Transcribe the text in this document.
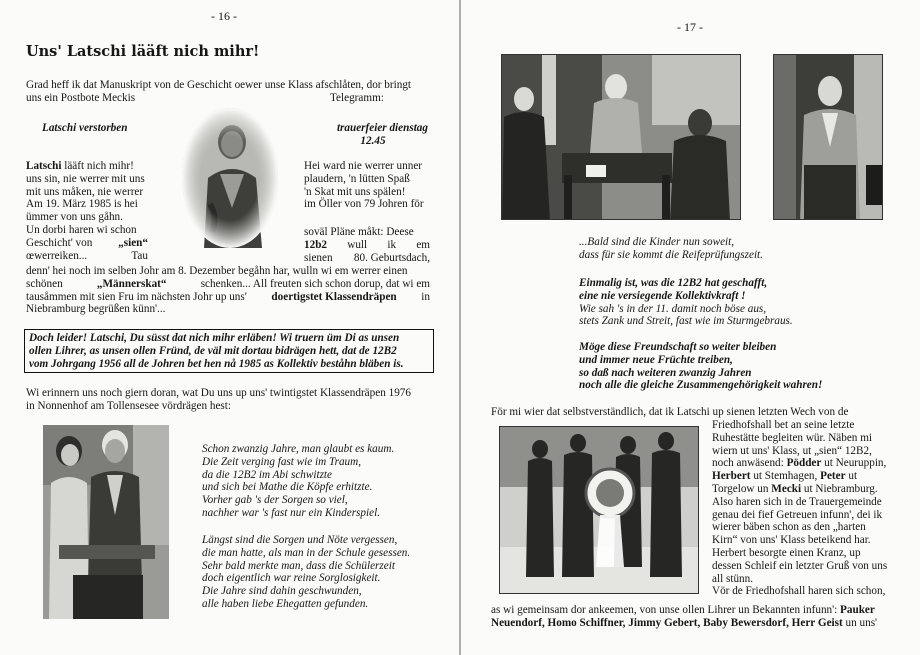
- 16 -
Uns' Latschi lääft nich mihr!
Grad heff ik dat Manuskript von de Geschicht oewer unse Klass afschlåten, dor bringt
uns ein Postbote Meckis	Telegramm:
Latschi verstorben	trauerfeier dienstag
12.45
Latschi lääft nich mihr!
uns sin, nie werrer mit uns
mit uns måken, nie werrer
Am 19. März 1985 is hei
ümmer von uns gåhn.
Un dorbi haren wi schon
Geschicht' von „sien“
œwerreiken...	Tau
Hei ward nie werrer unner
plaudern, 'n lütten Spaß
'n Skat mit uns spälen!
im Öller von 79 Johren för
soväl Pläne måkt: Deese
12b2 wull ik em
sienen 80. Geburtsdach,
denn' hei noch im selben Johr am 8. Dezember begåhn har, wulln wi em werrer einen
schönen	„Männerskat“	schenken... All freuten sich schon dorup, dat wi em
tausåmmen mit sien Fru im nächsten Johr up uns' doertigstet Klassendräpen in
Niebramburg begrüßen künn'...
Doch leider! Latschi, Du süsst dat nich mihr erläben! Wi truern üm Di as unsen
ollen Lihrer, as unsen ollen Fründ, de väl mit dortau bidrägen hett, dat de 12B2
vom Johrgang 1956 all de Johren bet hen nå 1985 as Kollektiv beståhn bläben is.
Wi erinnern uns noch giern doran, wat Du uns up uns' twintigstet Klassendräpen 1976
in Nonnenhof am Tollensesee vördrägen hest:
Schon zwanzig Jahre, man glaubt es kaum.
Die Zeit verging fast wie im Traum,
da die 12B2 im Abi schwitzte
und sich bei Mathe die Köpfe erhitzte.
Vorher gab 's der Sorgen so viel,
nachher war 's fast nur ein Kinderspiel.
Längst sind die Sorgen und Nöte vergessen,
die man hatte, als man in der Schule gesessen.
Sehr bald merkte man, dass die Schülerzeit
doch eigentlich war reine Sorglosigkeit.
Die Jahre sind dahin geschwunden,
alle haben liebe Ehegatten gefunden.
- 17 -
...Bald sind die Kinder nun soweit,
dass für sie kommt die Reifeprüfungszeit.
Einmalig ist, was die 12B2 hat geschafft,
eine nie versiegende Kollektivkraft !
Wie sah 's in der 11. damit noch böse aus,
stets Zank und Streit, fast wie im Sturmgebraus.
Möge diese Freundschaft so weiter bleiben
und immer neue Früchte treiben,
so daß nach weiteren zwanzig Jahren
noch alle die gleiche Zusammengehörigkeit wahren!
För mi wier dat selbstverständlich, dat ik Latschi up sienen letzten Wech von de
Friedhofshall bet an seine letzte
Ruhestätte begleiten wür. Näben mi
wiern ut uns' Klass, ut „sien“ 12B2,
noch anwäsend: Pödder ut Neuruppin,
Herbert ut Stemhagen, Peter ut
Torgelow un Mecki ut Niebramburg.
Also haren sich in de Trauergemeinde
genau dei fief Getreuen infunn', dei ik
wierer bäben schon as den „harten
Kirn“ von uns' Klass beteikend har.
Herbert besorgte einen Kranz, up
dessen Schleif ein letzter Gruß von uns
all stünn.
Vör de Friedhofshall haren sich schon,
as wi gemeinsam dor ankeemen, von unse ollen Lihrer un Bekannten infunn': Pauker
Neuendorf, Homo Schiffner, Jimmy Gebert, Baby Bewersdorf, Herr Geist un uns'
